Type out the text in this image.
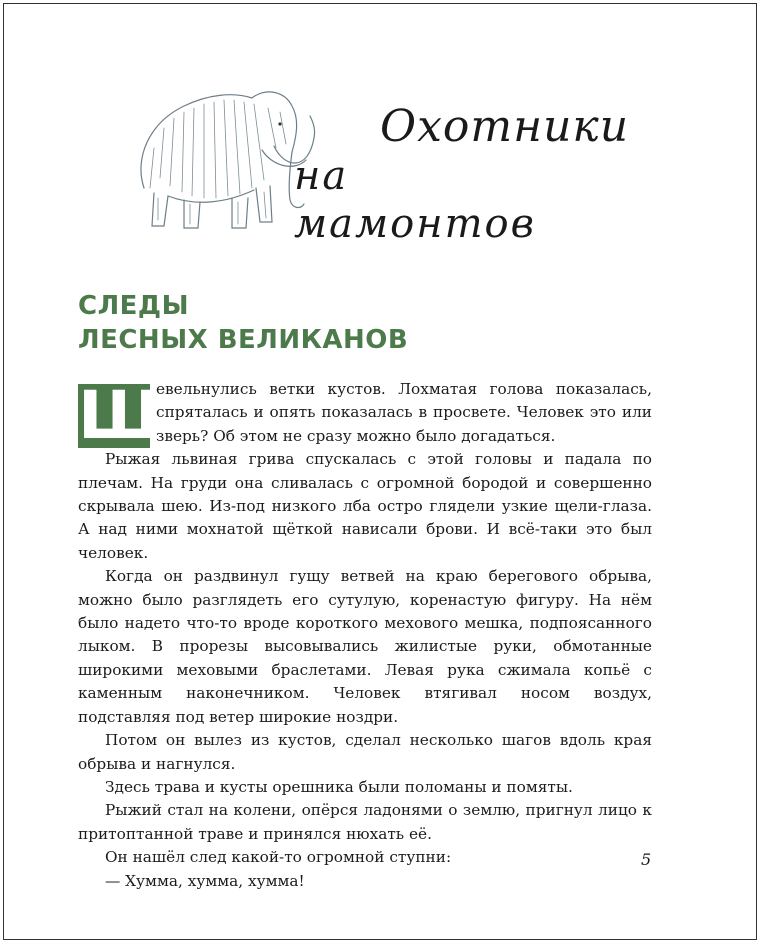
Охотники
на мамонтов
СЛЕДЫ
ЛЕСНЫХ ВЕЛИКАНОВ

Ш
евельнулись ветки кустов. Лохматая голова показалась, спряталась и опять показалась в просвете. Человек это или зверь? Об этом не сразу можно было догадаться.

Рыжая львиная грива спускалась с этой головы и падала по плечам. На груди она сливалась с огромной бородой и совершенно скрывала шею. Из-под низкого лба остро глядели узкие щели-глаза. А над ними мохнатой щёткой нависали брови. И всё-таки это был человек.

Когда он раздвинул гущу ветвей на краю берегового обрыва, можно было разглядеть его сутулую, коренастую фигуру. На нём было надето что-то вроде короткого мехового мешка, подпоясанного лыком. В прорезы высовывались жилистые руки, обмотанные широкими меховыми браслетами. Левая рука сжимала копьё с каменным наконечником. Человек втягивал носом воздух, подставляя под ветер широкие ноздри.

Потом он вылез из кустов, сделал несколько шагов вдоль края обрыва и нагнулся.

Здесь трава и кусты орешника были поломаны и помяты.

Рыжий стал на колени, опёрся ладонями о землю, пригнул лицо к притоптанной траве и принялся нюхать её.

Он нашёл след какой-то огромной ступни:

— Хумма, хумма, хумма!

5
